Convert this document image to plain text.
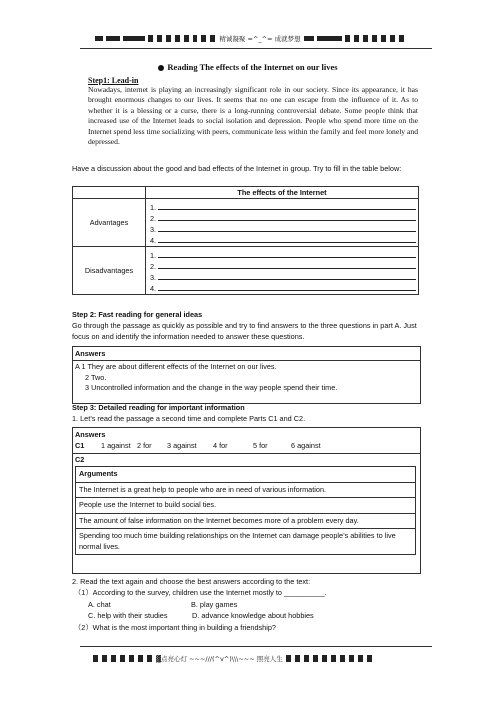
精诚凝聚 =^_^= 成就梦想
Reading The effects of the Internet on our lives
Step1: Lead-in
Nowadays, internet is playing an increasingly significant role in our society. Since its appearance, it has brought enormous changes to our lives. It seems that no one can escape from the influence of it. As to whether it is a blessing or a curse, there is a long-running controversial debate. Some people think that increased use of the Internet leads to social isolation and depression. People who spend more time on the Internet spend less time socializing with peers, communicate less within the family and feel more lonely and depressed.
Have a discussion about the good and bad effects of the Internet in group. Try to fill in the table below:
	The effects of the Internet
Advantages	1.
2.
3.
4.

Disadvantages	1.
2.
3.
4.
Step 2: Fast reading for general ideas
Go through the passage as quickly as possible and try to find answers to the three questions in part A. Just focus on and identify the information needed to answer these questions.
Answers
A 1 They are about different effects of the Internet on our lives.
2 Two.
3 Uncontrolled information and the change in the way people spend their time.
Step 3: Detailed reading for important information
1. Let’s read the passage a second time and complete Parts C1 and C2.
Answers
C1	1 against 2 for	3 against	4 for	5 for	6 against
C2
Arguments
The Internet is a great help to people who are in need of various information.
People use the Internet to build social ties.
The amount of false information on the Internet becomes more of a problem every day.
Spending too much time building relationships on the Internet can damage people’s abilities to live normal lives.
2. Read the text again and choose the best answers according to the text:
（1）According to the survey, children use the Internet mostly to __________.
A. chat	B. play games
C. help with their studies	D. advance knowledge about hobbies
（2）What is the most important thing in building a friendship?
▓点亮心灯 ~~~///(^v^)\\\~~~ 照亮人生
